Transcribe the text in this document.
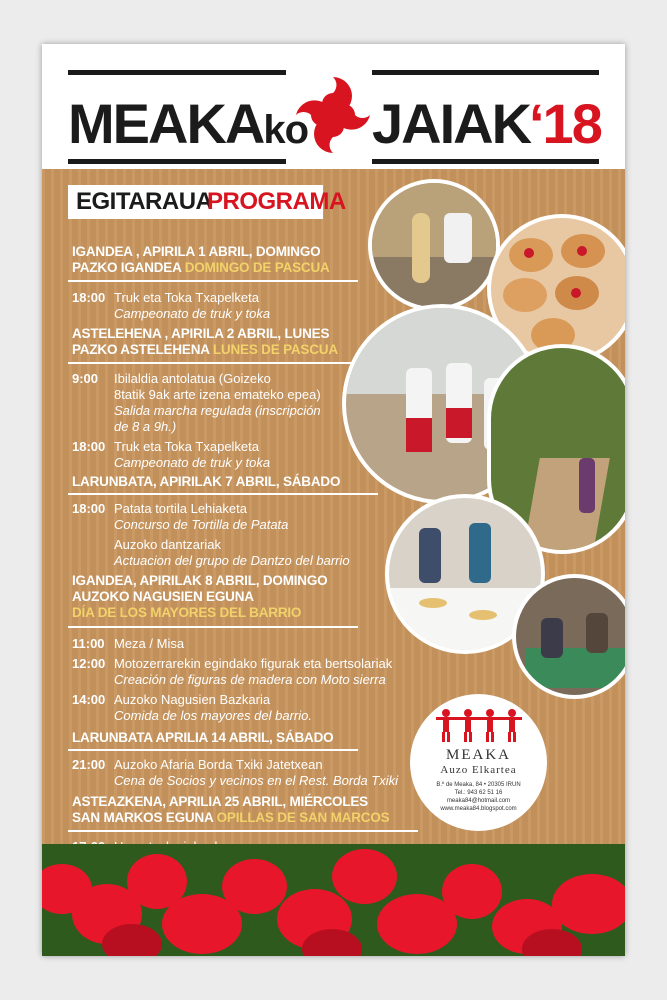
MEAKAko JAIAK
‘18
EGITARAUA
PROGRAMA
IGANDEA , APIRILA 1 ABRIL, DOMINGO
PAZKO IGANDEA DOMINGO DE PASCUA
18:00 Truk eta Toka Txapelketa
Campeonato de truk y toka
ASTELEHENA , APIRILA 2 ABRIL, LUNES
PAZKO ASTELEHENA LUNES DE PASCUA
9:00 Ibilaldia antolatua (Goizeko
8tatik 9ak arte izena emateko epea)
Salida marcha regulada (inscripción
de 8 a 9h.)
18:00 Truk eta Toka Txapelketa
Campeonato de truk y toka
LARUNBATA, APIRILAK 7 ABRIL, SÁBADO
18:00 Patata tortila Lehiaketa
Concurso de Tortilla de Patata
Auzoko dantzariak
Actuacion del grupo de Dantzo del barrio
IGANDEA, APIRILAK 8 ABRIL, DOMINGO
AUZOKO NAGUSIEN EGUNA
DÍA DE LOS MAYORES DEL BARRIO
11:00 Meza / Misa
12:00 Motozerrarekin egindako figurak eta bertsolariak
Creación de figuras de madera con Moto sierra
14:00 Auzoko Nagusien Bazkaria
Comida de los mayores del barrio.
LARUNBATA APRILIA 14 ABRIL, SÁBADO
21:00 Auzoko Afaria Borda Txiki Jatetxean
Cena de Socios y vecinos en el Rest. Borda Txiki
ASTEAZKENA, APRILIA 25 ABRIL, MIÉRCOLES
SAN MARKOS EGUNA OPILLAS DE SAN MARCOS
MEAKA
Auzo Elkartea
B.º de Meaka, 84 • 20305 IRUN
Tel.: 943 62 51 16
meaka84@hotmail.com
www.meaka84.blogspot.com
